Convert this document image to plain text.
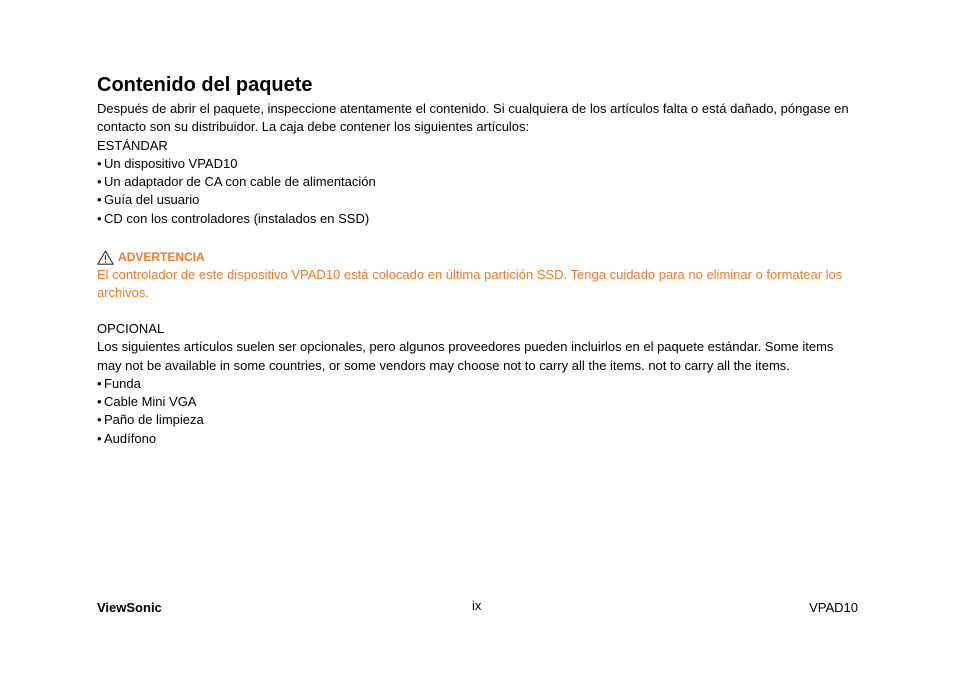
Contenido del paquete

Después de abrir el paquete, inspeccione atentamente el contenido. Si cualquiera de los artículos falta o está dañado, póngase en
contacto son su distribuidor. La caja debe contener los siguientes artículos:

ESTÁNDAR
• Un dispositivo VPAD10
• Un adaptador de CA con cable de alimentación
• Guía del usuario
• CD con los controladores (instalados en SSD)
ADVERTENCIA

El controlador de este dispositivo VPAD10 está colocado en última partición SSD. Tenga cuidado para no eliminar o formatear los
archivos.

OPCIONAL

Los siguientes artículos suelen ser opcionales, pero algunos proveedores pueden incluirlos en el paquete estándar. Some items
may not be available in some countries, or some vendors may choose not to carry all the items. not to carry all the items.

• Funda
• Cable Mini VGA
• Paño de limpieza
• Audífono
ViewSonic	ix	VPAD10
